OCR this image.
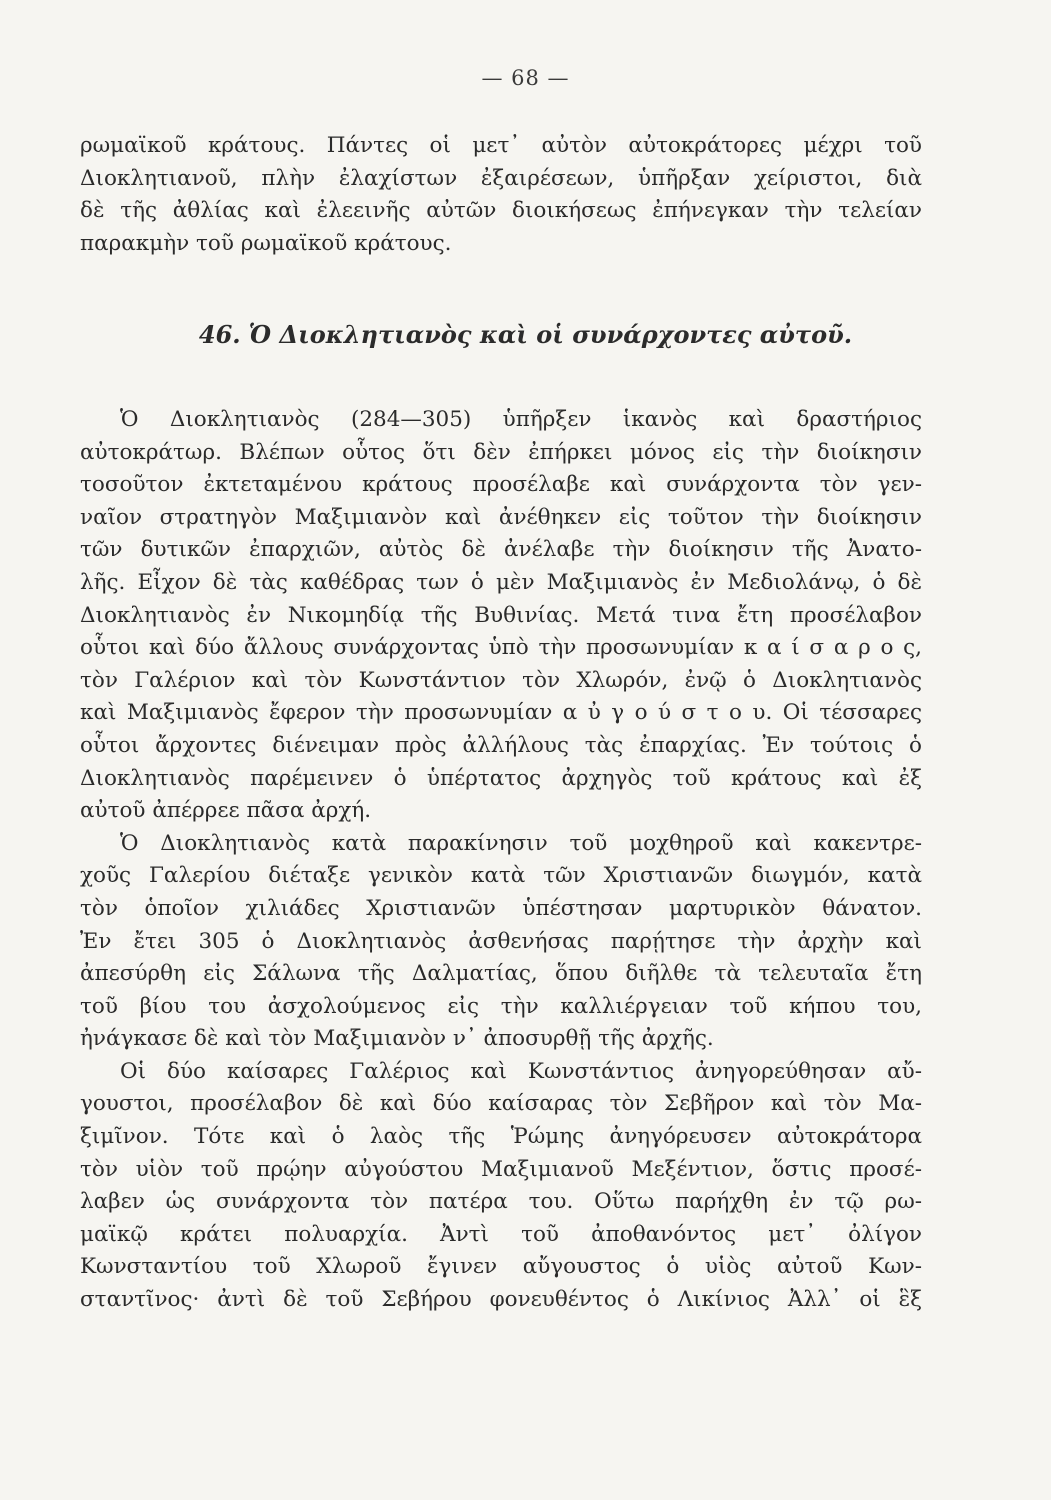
— 68 —
ρωμαϊκοῦ κράτους. Πάντες οἱ μετ᾽ αὐτὸν αὐτοκράτορες μέχρι τοῦ
Διοκλητιανοῦ, πλὴν ἐλαχίστων ἐξαιρέσεων, ὑπῆρξαν χείριστοι, διὰ
δὲ τῆς ἀθλίας καὶ ἐλεεινῆς αὐτῶν διοικήσεως ἐπήνεγκαν τὴν τελείαν
παρακμὴν τοῦ ρωμαϊκοῦ κράτους.
46. Ὁ Διοκλητιανὸς καὶ οἱ συνάρχοντες αὐτοῦ.
Ὁ Διοκλητιανὸς (284—305) ὑπῆρξεν ἱκανὸς καὶ δραστήριος
αὐτοκράτωρ. Βλέπων οὗτος ὅτι δὲν ἐπήρκει μόνος εἰς τὴν διοίκησιν
τοσοῦτον ἐκτεταμένου κράτους προσέλαβε καὶ συνάρχοντα τὸν γεν-
ναῖον στρατηγὸν Μαξιμιανὸν καὶ ἀνέθηκεν εἰς τοῦτον τὴν διοίκησιν
τῶν δυτικῶν ἐπαρχιῶν, αὐτὸς δὲ ἀνέλαβε τὴν διοίκησιν τῆς Ἀνατο-
λῆς. Εἶχον δὲ τὰς καθέδρας των ὁ μὲν Μαξιμιανὸς ἐν Μεδιολάνῳ, ὁ δὲ
Διοκλητιανὸς ἐν Νικομηδίᾳ τῆς Βυθινίας. Μετά τινα ἔτη προσέλαβον
οὗτοι καὶ δύο ἄλλους συνάρχοντας ὑπὸ τὴν προσωνυμίαν κ α ί σ α ρ ο ς,
τὸν Γαλέριον καὶ τὸν Κωνστάντιον τὸν Χλωρόν, ἐνῷ ὁ Διοκλητιανὸς
καὶ Μαξιμιανὸς ἔφερον τὴν προσωνυμίαν α ὐ γ ο ύ σ τ ο υ. Οἱ τέσσαρες
οὗτοι ἄρχοντες διένειμαν πρὸς ἀλλήλους τὰς ἐπαρχίας. Ἐν τούτοις ὁ
Διοκλητιανὸς παρέμεινεν ὁ ὑπέρτατος ἀρχηγὸς τοῦ κράτους καὶ ἐξ
αὐτοῦ ἀπέρρεε πᾶσα ἀρχή.
Ὁ Διοκλητιανὸς κατὰ παρακίνησιν τοῦ μοχθηροῦ καὶ κακεντρε-
χοῦς Γαλερίου διέταξε γενικὸν κατὰ τῶν Χριστιανῶν διωγμόν, κατὰ
τὸν ὁποῖον χιλιάδες Χριστιανῶν ὑπέστησαν μαρτυρικὸν θάνατον.
Ἐν ἔτει 305 ὁ Διοκλητιανὸς ἀσθενήσας παρῄτησε τὴν ἀρχὴν καὶ
ἀπεσύρθη εἰς Σάλωνα τῆς Δαλματίας, ὅπου διῆλθε τὰ τελευταῖα ἔτη
τοῦ βίου του ἀσχολούμενος εἰς τὴν καλλιέργειαν τοῦ κήπου του,
ἠνάγκασε δὲ καὶ τὸν Μαξιμιανὸν ν᾽ ἀποσυρθῇ τῆς ἀρχῆς.
Οἱ δύο καίσαρες Γαλέριος καὶ Κωνστάντιος ἀνηγορεύθησαν αὔ-
γουστοι, προσέλαβον δὲ καὶ δύο καίσαρας τὸν Σεβῆρον καὶ τὸν Μα-
ξιμῖνον. Τότε καὶ ὁ λαὸς τῆς Ῥώμης ἀνηγόρευσεν αὐτοκράτορα
τὸν υἱὸν τοῦ πρῴην αὐγούστου Μαξιμιανοῦ Μεξέντιον, ὅστις προσέ-
λαβεν ὡς συνάρχοντα τὸν πατέρα του. Οὕτω παρήχθη ἐν τῷ ρω-
μαϊκῷ κράτει πολυαρχία. Ἀντὶ τοῦ ἀποθανόντος μετ᾽ ὀλίγον
Κωνσταντίου τοῦ Χλωροῦ ἔγινεν αὔγουστος ὁ υἱὸς αὐτοῦ Κων-
σταντῖνος· ἀντὶ δὲ τοῦ Σεβήρου φονευθέντος ὁ Λικίνιος Ἀλλ᾽ οἱ ἓξ
